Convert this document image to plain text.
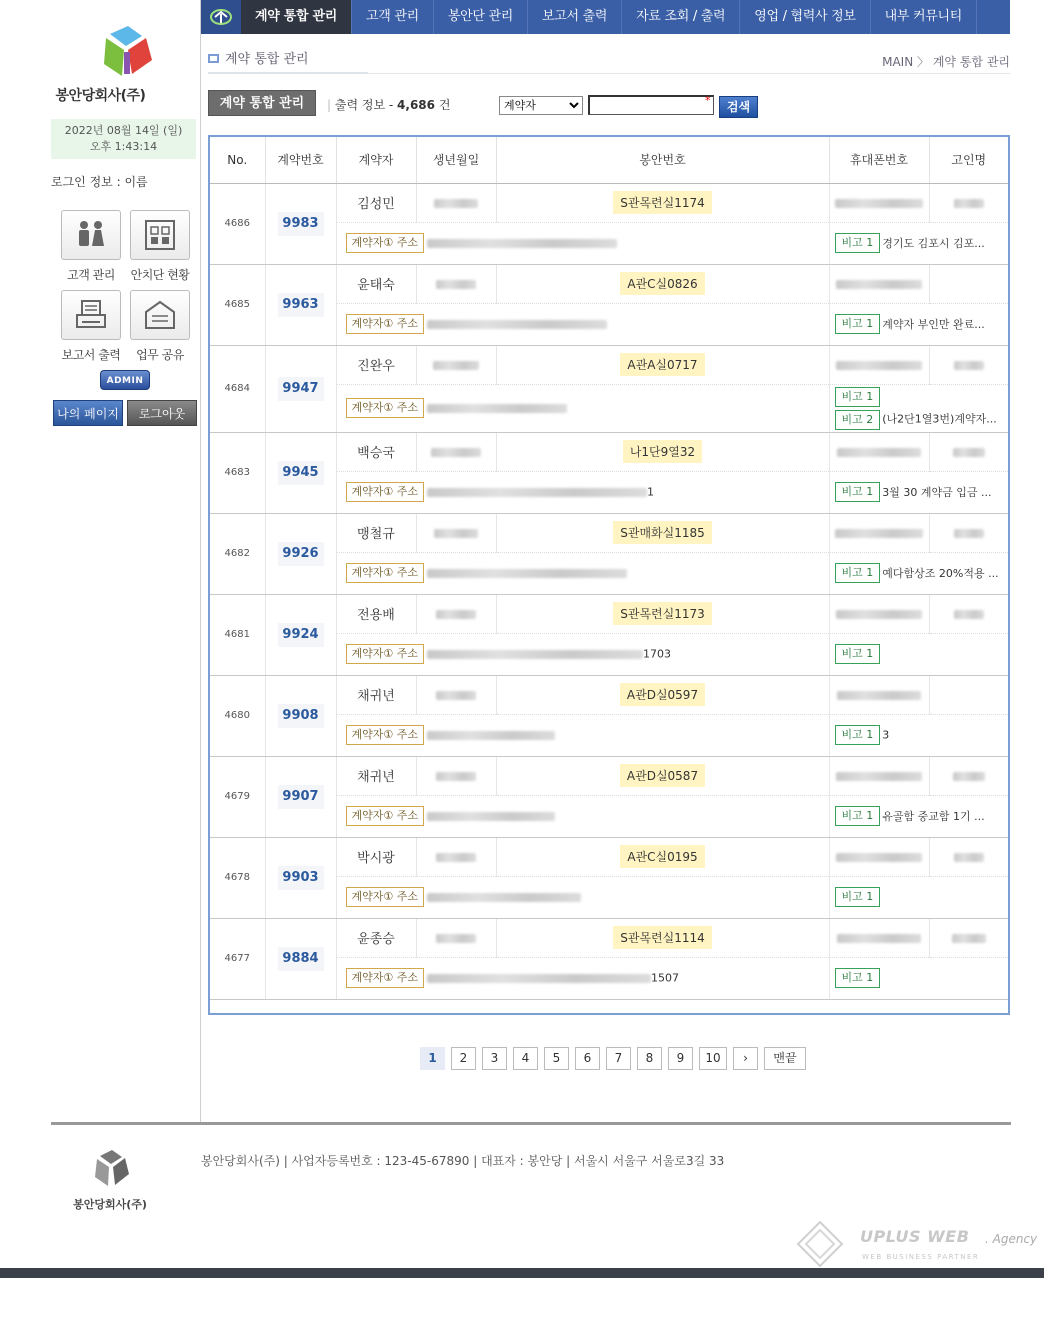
봉안당회사(주)
2022년 08월 14일 (일)
오후 1:43:14
로그인 정보 : 이름
고객 관리	안치단 현황
보고서 출력	업무 공유
ADMIN
나의 페이지	로그아웃
계약 통합 관리	고객 관리	봉안단 관리	보고서 출력	자료 조회 / 출력	영업 / 협력사 정보	내부 커뮤니티
계약 통합 관리	MAIN 〉 계약 통합 관리
계약 통합 관리	| 출력 정보 - 4,686 건
계약자	*	검색
No.	계약번호	계약자	생년월일	봉안번호	휴대폰번호	고인명
4686	9983	김성민		S관목련실1174		
		계약자① 주소			비고 1 경기도 김포시 김포...	

4685	9963	윤태숙		A관C실0826		
		계약자① 주소			비고 1 계약자 부인만 완료...	

4684	9947	진완우		A관A실0717		
		계약자① 주소			비고 1
비고 2 (나2단1열3번)계약자...	

4683	9945	백승국		나1단9열32		
		계약자① 주소 1			비고 1 3월 30 계약금 입금 ...	

4682	9926	맹철규		S관매화실1185		
		계약자① 주소			비고 1 예다함상조 20%적용 ...	

4681	9924	전용배		S관목련실1173		
		계약자① 주소 1703			비고 1	

4680	9908	채귀년		A관D실0597		
		계약자① 주소			비고 1 3	

4679	9907	채귀년		A관D실0587		
		계약자① 주소			비고 1 유골함 중교함 1기 ...	

4678	9903	박시광		A관C실0195		
		계약자① 주소			비고 1	

4677	9884	윤종승		S관목련실1114		
		계약자① 주소 1507			비고 1	
1	2	3	4	5	6	7	8	9	10	›	맨끝
봉안당회사(주)
봉안당회사(주) | 사업자등록번호 : 123-45-67890 | 대표자 : 봉안당 | 서울시 서울구 서울로3길 33
UPLUS WEB
WEB BUSINESS PARTNER
. Agency
